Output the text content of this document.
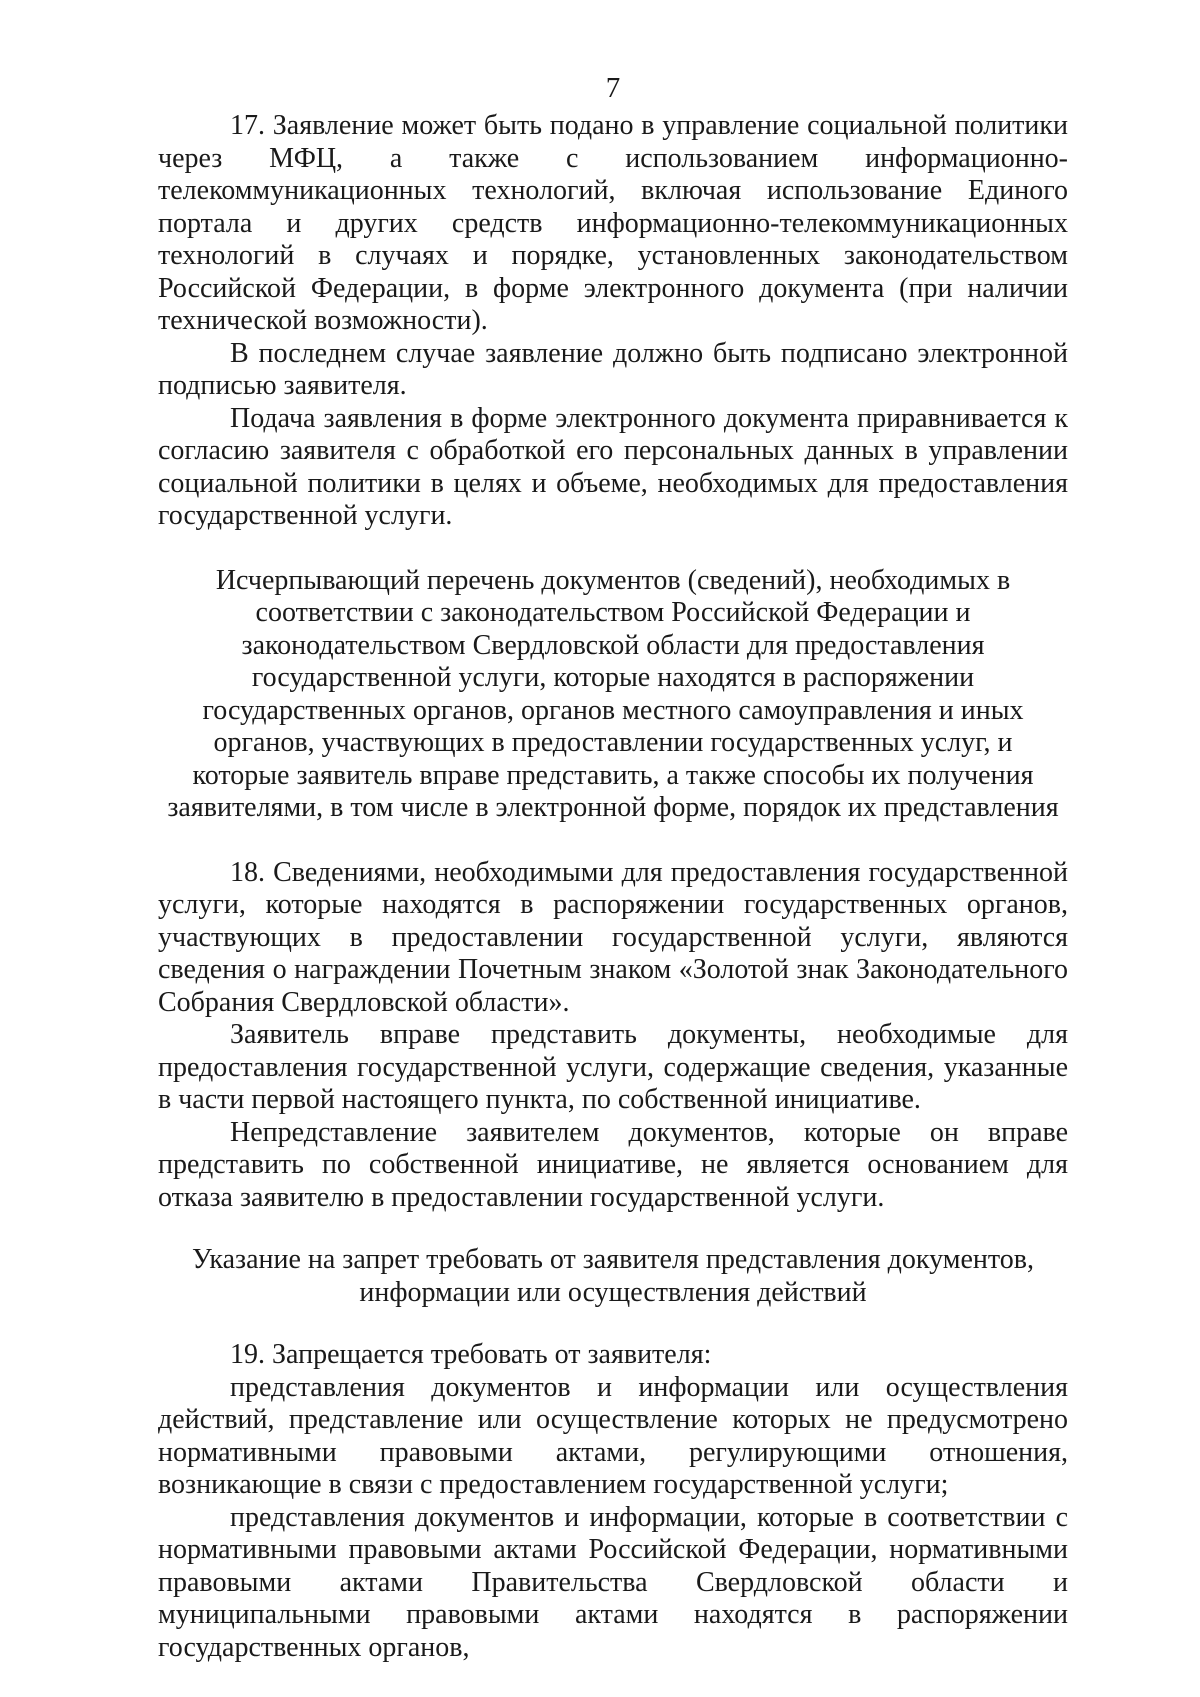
7

17. Заявление может быть подано в управление социальной политики через МФЦ, а также с использованием информационно-телекоммуникационных технологий, включая использование Единого портала и других средств информационно-телекоммуникационных технологий в случаях и порядке, установленных законодательством Российской Федерации, в форме электронного документа (при наличии технической возможности).

В последнем случае заявление должно быть подписано электронной подписью заявителя.

Подача заявления в форме электронного документа приравнивается к согласию заявителя с обработкой его персональных данных в управлении социальной политики в целях и объеме, необходимых для предоставления государственной услуги.

Исчерпывающий перечень документов (сведений), необходимых в соответствии с законодательством Российской Федерации и законодательством Свердловской области для предоставления государственной услуги, которые находятся в распоряжении государственных органов, органов местного самоуправления и иных органов, участвующих в предоставлении государственных услуг, и которые заявитель вправе представить, а также способы их получения заявителями, в том числе в электронной форме, порядок их представления

18. Сведениями, необходимыми для предоставления государственной услуги, которые находятся в распоряжении государственных органов, участвующих в предоставлении государственной услуги, являются сведения о награждении Почетным знаком «Золотой знак Законодательного Собрания Свердловской области».

Заявитель вправе представить документы, необходимые для предоставления государственной услуги, содержащие сведения, указанные в части первой настоящего пункта, по собственной инициативе.

Непредставление заявителем документов, которые он вправе представить по собственной инициативе, не является основанием для отказа заявителю в предоставлении государственной услуги.

Указание на запрет требовать от заявителя представления документов, информации или осуществления действий

19. Запрещается требовать от заявителя:

представления документов и информации или осуществления действий, представление или осуществление которых не предусмотрено нормативными правовыми актами, регулирующими отношения, возникающие в связи с предоставлением государственной услуги;

представления документов и информации, которые в соответствии с нормативными правовыми актами Российской Федерации, нормативными правовыми актами Правительства Свердловской области и муниципальными правовыми актами находятся в распоряжении государственных органов,
